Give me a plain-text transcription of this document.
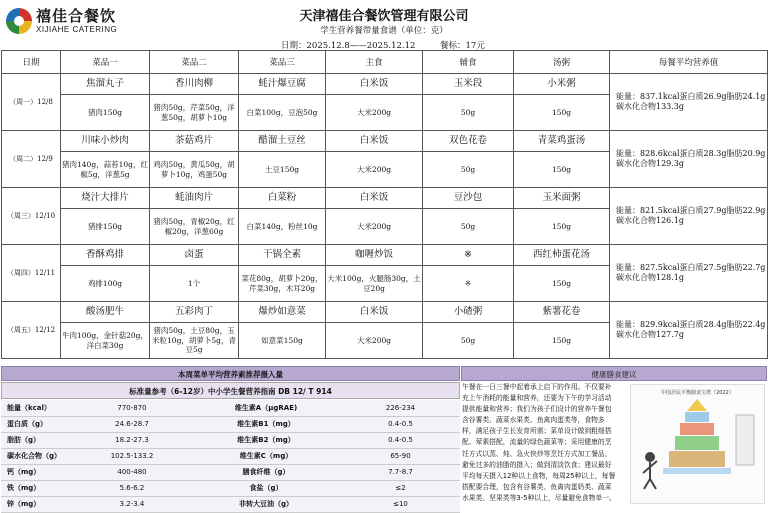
禧佳合餐饮
XIJIAHE CATERING
天津禧佳合餐饮管理有限公司
学生营养餐带量食谱（单位：克）
日期：2025.12.8——2025.12.12	餐标：17元
日期	菜品一	菜品二	菜品三	主食	辅食	汤粥	每餐平均营养值
（周一）12/8	焦溜丸子	香川肉柳	蚝汁爆豆腐	白米饭	玉米段	小米粥	能量：837.1kcal蛋白质26.9g脂肪24.1g碳水化合物133.3g
	猪肉150g	猪肉50g，芹菜50g，洋葱50g，胡萝卜10g	白菜100g，豆泡50g	大米200g	50g	150g	
（周二）12/9	川味小炒肉	茶菇鸡片	醋溜土豆丝	白米饭	双色花卷	青菜鸡蛋汤	能量：828.6kcal蛋白质28.3g脂肪20.9g碳水化合物129.3g
	猪肉140g，蒜苔10g，红椒5g，洋葱5g	鸡肉50g，黄瓜50g，胡萝卜10g，鸡蛋50g	土豆150g	大米200g	50g	150g	
（周三）12/10	烧汁大排片	蚝油肉片	白菜粉	白米饭	豆沙包	玉米面粥	能量：821.5kcal蛋白质27.9g脂肪22.9g碳水化合物126.1g
	猪排150g	猪肉50g，青椒20g，红椒20g，洋葱60g	白菜140g，粉丝10g	大米200g	50g	150g	
（周四）12/11	香酥鸡排	卤蛋	干锅全素	咖喱炒饭	※	西红柿蛋花汤	能量：827.5kcal蛋白质27.5g脂肪22.7g碳水化合物128.1g
	鸡排100g	1个	菜花80g，胡萝卜20g，芹菜30g，木耳20g	大米100g，火腿肠30g，土豆20g	※	150g	
（周五）12/12	酸汤肥牛	五彩肉丁	爆炒如意菜	白米饭	小碴粥	紫薯花卷	能量：829.9kcal蛋白质28.4g脂肪22.4g碳水化合物127.7g
	牛肉100g，金针菇20g，洋白菜30g	猪肉50g，土豆80g，玉米粒10g，胡萝卜5g，青豆5g	如意菜150g	大米200g	50g	150g	
本周菜单平均营养素推荐摄入量	健康膳食建议
标准量参考（6-12岁）中小学生餐营养指南 DB 12/ T 914
能量（kcal）	770-870	维生素A（μgRAE)	226-234
蛋白质（g）	24.6-28.7	维生素B1（mg）	0.4-0.5
脂肪（g）	18.2-27.3	维生素B2（mg）	0.4-0.5
碳水化合物（g）	102.5-133.2	维生素C（mg）	65-90
钙（mg）	400-480	膳食纤维（g）	7.7-8.7
铁（mg）	5.6-6.2	食盐（g）	≤2
锌（mg）	3.2-3.4	非转大豆油（g）	≤10
午餐在一日三餐中起着承上启下的作用。不仅要补充上午消耗的能量和营养，还要为下午的学习活动提供能量和营养；我们为孩子们设计的营养午餐包含谷薯类、蔬菜水果类、鱼禽肉蛋类等，食物多样，满足孩子生长发育所需；菜单设计做到粗细搭配、荤素搭配，流量的绿色蔬菜等；采用健康的烹饪方式以蒸、炖、急火快炒等烹饪方式加工餐品，避免过多的油脂的摄入；做到清淡饮食；建议最好平均每天摄入12种以上食物，每周25种以上，每餐搭配要合理，包含有谷薯类、鱼禽肉蛋奶类、蔬菜水果类、坚果类等3-5种以上，尽量避免食物单一。
中国居民平衡膳食宝塔（2022）
